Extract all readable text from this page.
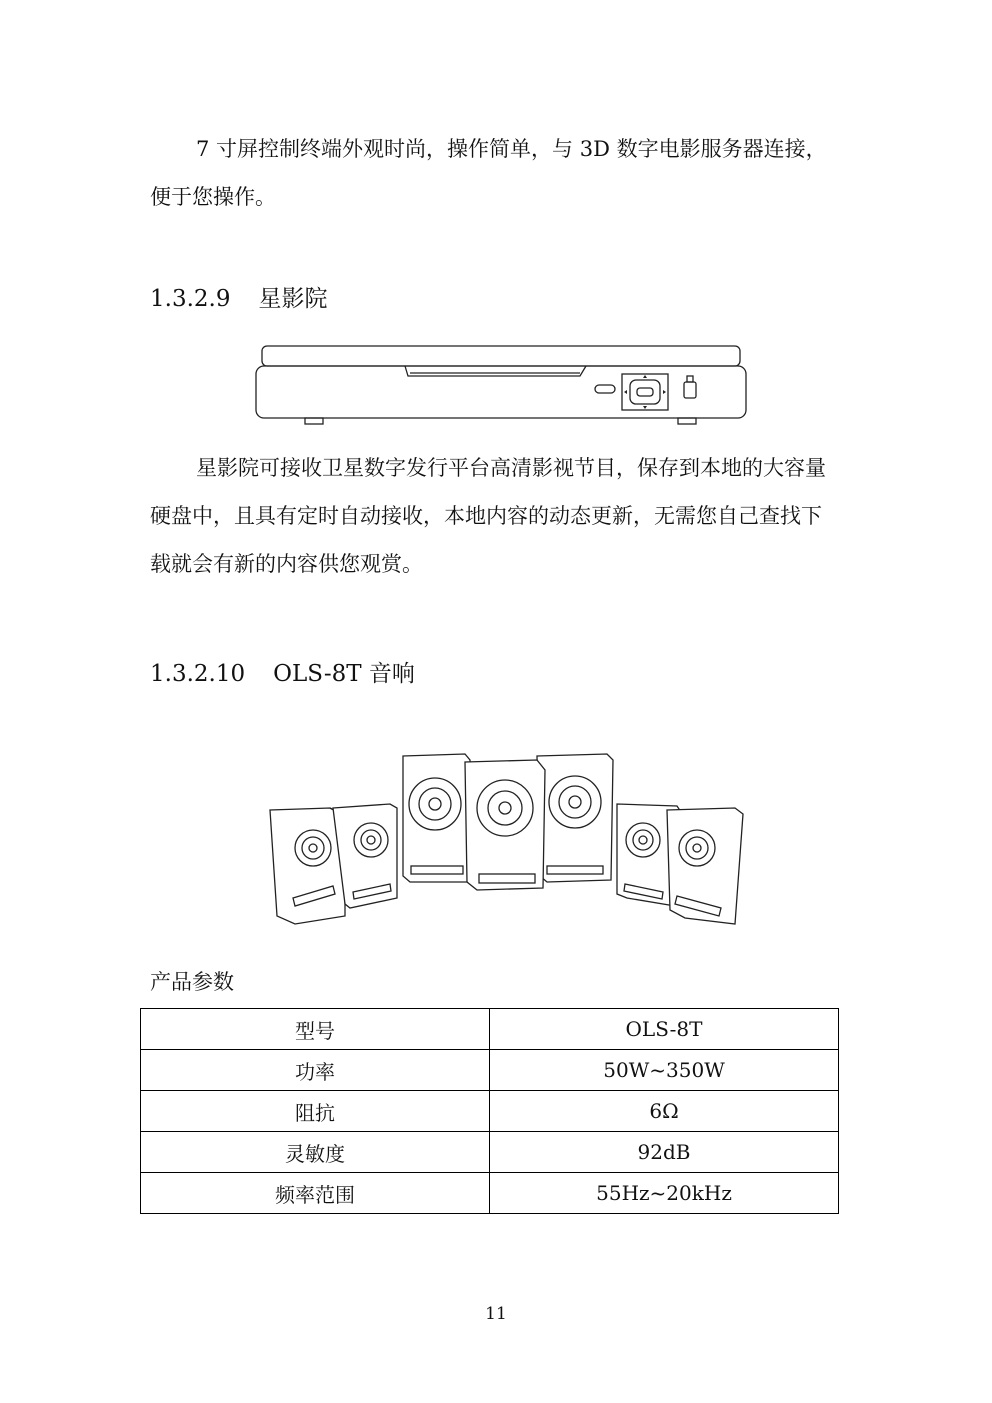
7 寸屏控制终端外观时尚，操作简单，与 3D 数字电影服务器连接，便于您操作。

1.3.2.9 星影院

星影院可接收卫星数字发行平台高清影视节目，保存到本地的大容量硬盘中，且具有定时自动接收，本地内容的动态更新，无需您自己查找下载就会有新的内容供您观赏。

1.3.2.10 OLS-8T 音响

产品参数

型号	OLS-8T
功率	50W~350W
阻抗	6Ω
灵敏度	92dB
频率范围	55Hz~20kHz
11
